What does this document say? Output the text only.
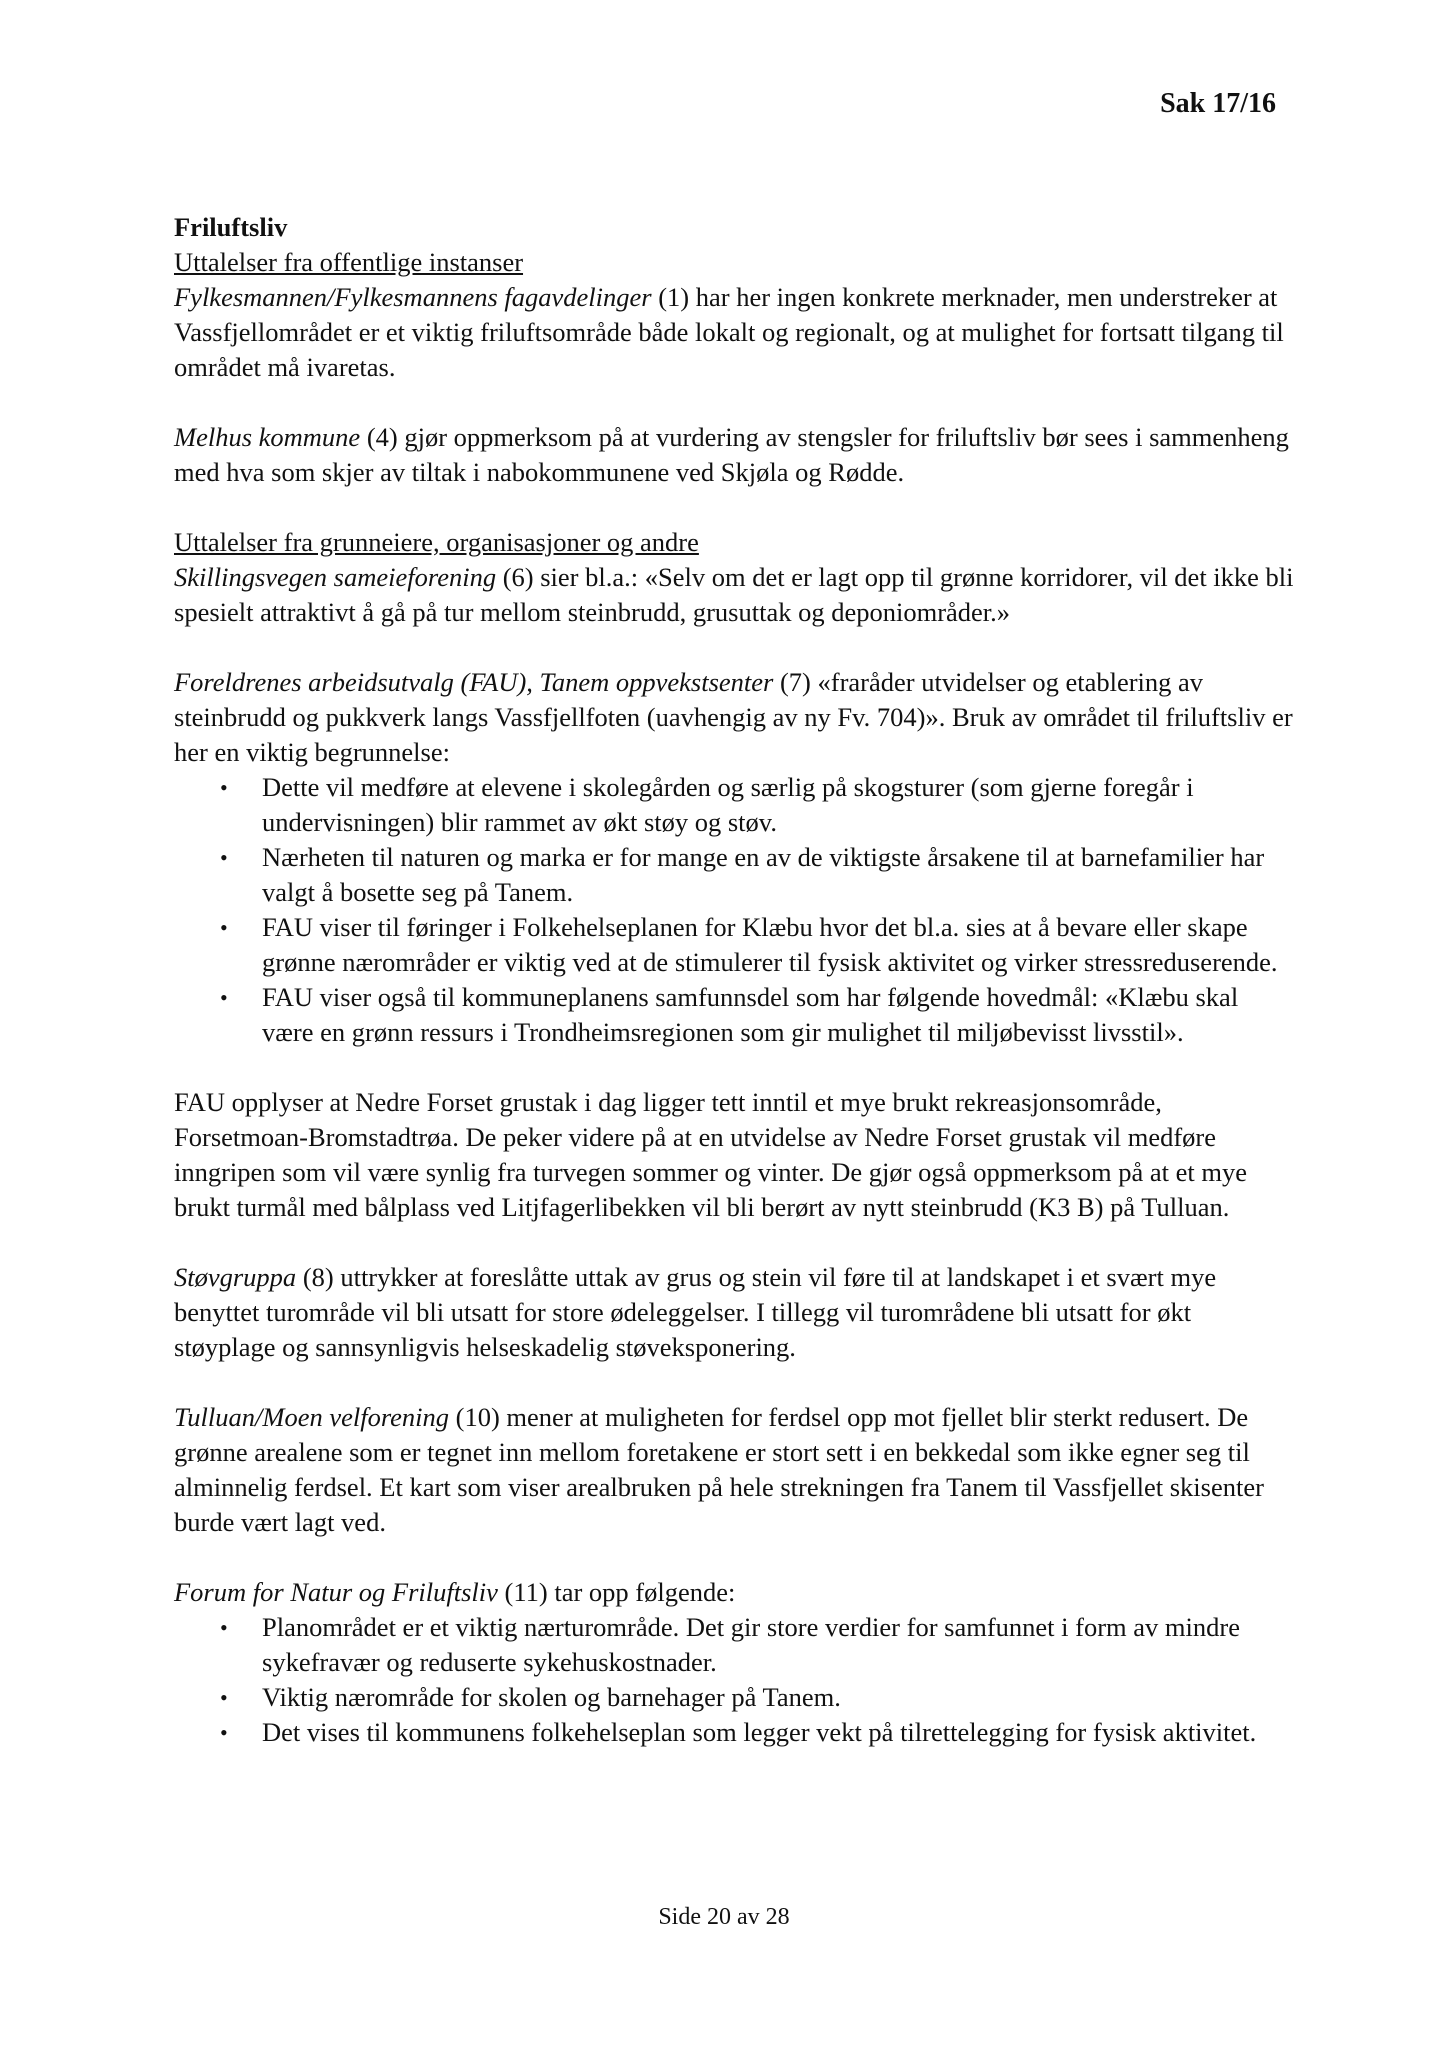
Sak 17/16

Friluftsliv

Uttalelser fra offentlige instanser

Fylkesmannen/Fylkesmannens fagavdelinger (1) har her ingen konkrete merknader, men understreker at Vassfjellområdet er et viktig friluftsområde både lokalt og regionalt, og at mulighet for fortsatt tilgang til området må ivaretas.

Melhus kommune (4) gjør oppmerksom på at vurdering av stengsler for friluftsliv bør sees i sammenheng med hva som skjer av tiltak i nabokommunene ved Skjøla og Rødde.

Uttalelser fra grunneiere, organisasjoner og andre

Skillingsvegen sameieforening (6) sier bl.a.: «Selv om det er lagt opp til grønne korridorer, vil det ikke bli spesielt attraktivt å gå på tur mellom steinbrudd, grusuttak og deponiområder.»

Foreldrenes arbeidsutvalg (FAU), Tanem oppvekstsenter (7) «fraråder utvidelser og etablering av steinbrudd og pukkverk langs Vassfjellfoten (uavhengig av ny Fv. 704)». Bruk av området til friluftsliv er her en viktig begrunnelse:

• Dette vil medføre at elevene i skolegården og særlig på skogsturer (som gjerne foregår i undervisningen) blir rammet av økt støy og støv.
• Nærheten til naturen og marka er for mange en av de viktigste årsakene til at barnefamilier har valgt å bosette seg på Tanem.
• FAU viser til føringer i Folkehelseplanen for Klæbu hvor det bl.a. sies at å bevare eller skape grønne nærområder er viktig ved at de stimulerer til fysisk aktivitet og virker stressreduserende.
• FAU viser også til kommuneplanens samfunnsdel som har følgende hovedmål: «Klæbu skal være en grønn ressurs i Trondheimsregionen som gir mulighet til miljøbevisst livsstil».

FAU opplyser at Nedre Forset grustak i dag ligger tett inntil et mye brukt rekreasjonsområde, Forsetmoan-Bromstadtrøa. De peker videre på at en utvidelse av Nedre Forset grustak vil medføre inngripen som vil være synlig fra turvegen sommer og vinter. De gjør også oppmerksom på at et mye brukt turmål med bålplass ved Litjfagerlibekken vil bli berørt av nytt steinbrudd (K3 B) på Tulluan.

Støvgruppa (8) uttrykker at foreslåtte uttak av grus og stein vil føre til at landskapet i et svært mye benyttet turområde vil bli utsatt for store ødeleggelser. I tillegg vil turområdene bli utsatt for økt støyplage og sannsynligvis helseskadelig støveksponering.

Tulluan/Moen velforening (10) mener at muligheten for ferdsel opp mot fjellet blir sterkt redusert. De grønne arealene som er tegnet inn mellom foretakene er stort sett i en bekkedal som ikke egner seg til alminnelig ferdsel. Et kart som viser arealbruken på hele strekningen fra Tanem til Vassfjellet skisenter burde vært lagt ved.

Forum for Natur og Friluftsliv (11) tar opp følgende:

• Planområdet er et viktig nærturområde. Det gir store verdier for samfunnet i form av mindre sykefravær og reduserte sykehuskostnader.
• Viktig nærområde for skolen og barnehager på Tanem.
• Det vises til kommunens folkehelseplan som legger vekt på tilrettelegging for fysisk aktivitet.
Side 20 av 28
